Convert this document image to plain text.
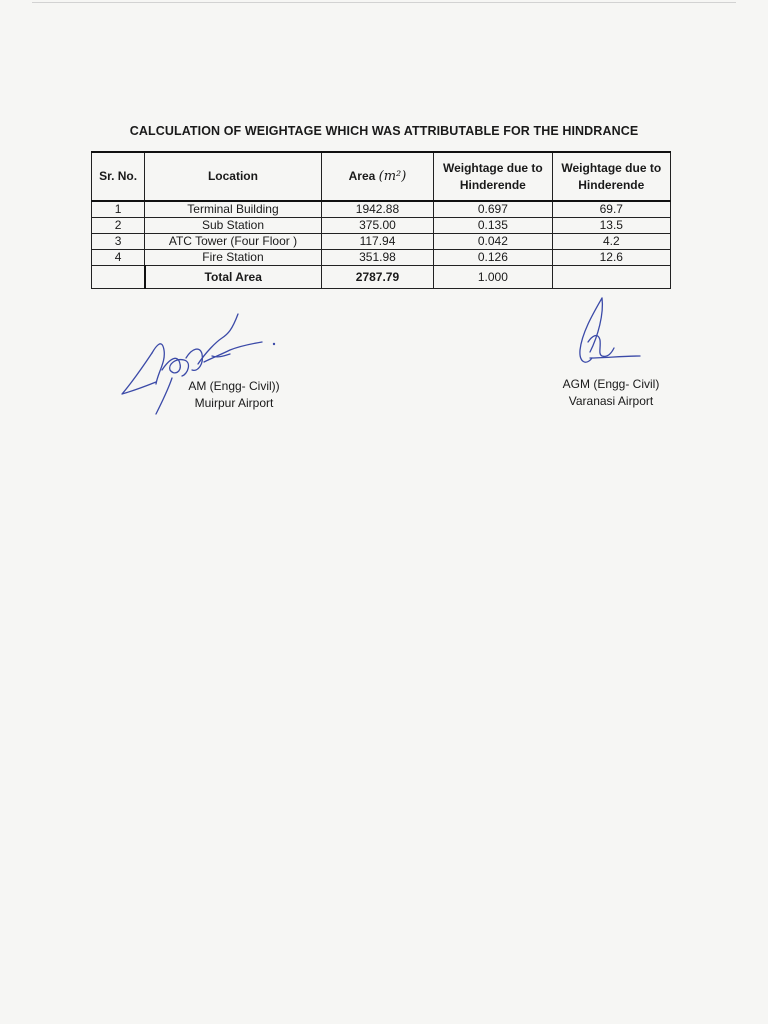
CALCULATION OF WEIGHTAGE WHICH WAS ATTRIBUTABLE FOR THE HINDRANCE
Sr. No.	Location	Area (m²)	Weightage due to Hinderende	Weightage due to Hinderende
1	Terminal Building	1942.88	0.697	69.7
2	Sub Station	375.00	0.135	13.5
3	ATC Tower (Four Floor )	117.94	0.042	4.2
4	Fire Station	351.98	0.126	12.6
	Total Area	2787.79	1.000	
AM (Engg- Civil))
Muirpur Airport
AGM (Engg- Civil)
Varanasi Airport
